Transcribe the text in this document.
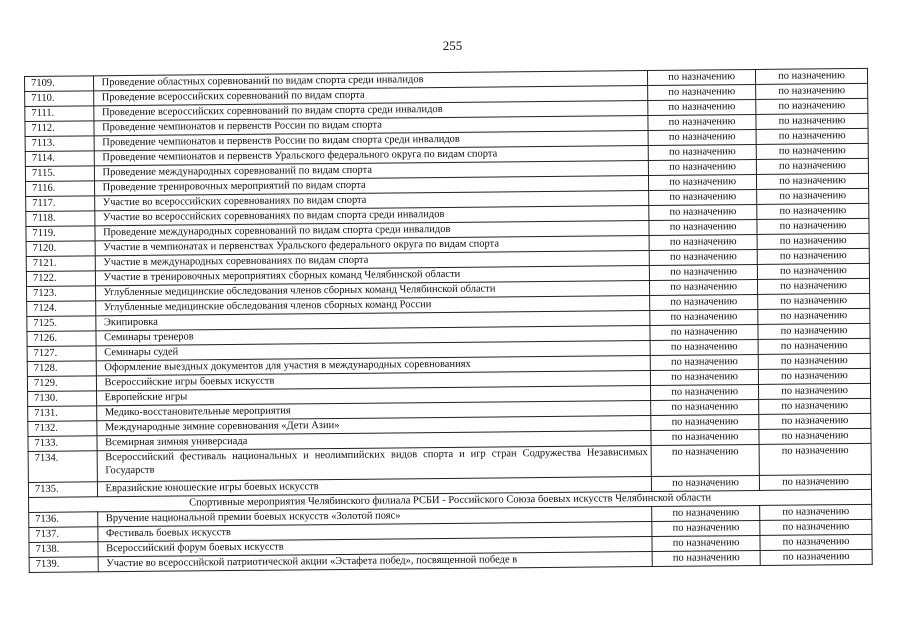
255
7109.	Проведение областных соревнований по видам спорта среди инвалидов	по назначению	по назначению
7110.	Проведение всероссийских соревнований по видам спорта	по назначению	по назначению
7111.	Проведение всероссийских соревнований по видам спорта среди инвалидов	по назначению	по назначению
7112.	Проведение чемпионатов и первенств России по видам спорта	по назначению	по назначению
7113.	Проведение чемпионатов и первенств России по видам спорта среди инвалидов	по назначению	по назначению
7114.	Проведение чемпионатов и первенств Уральского федерального округа по видам спорта	по назначению	по назначению
7115.	Проведение международных соревнований по видам спорта	по назначению	по назначению
7116.	Проведение тренировочных мероприятий по видам спорта	по назначению	по назначению
7117.	Участие во всероссийских соревнованиях по видам спорта	по назначению	по назначению
7118.	Участие во всероссийских соревнованиях по видам спорта среди инвалидов	по назначению	по назначению
7119.	Проведение международных соревнований по видам спорта среди инвалидов	по назначению	по назначению
7120.	Участие в чемпионатах и первенствах Уральского федерального округа по видам спорта	по назначению	по назначению
7121.	Участие в международных соревнованиях по видам спорта	по назначению	по назначению
7122.	Участие в тренировочных мероприятиях сборных команд Челябинской области	по назначению	по назначению
7123.	Углубленные медицинские обследования членов сборных команд Челябинской области	по назначению	по назначению
7124.	Углубленные медицинские обследования членов сборных команд России	по назначению	по назначению
7125.	Экипировка	по назначению	по назначению
7126.	Семинары тренеров	по назначению	по назначению
7127.	Семинары судей	по назначению	по назначению
7128.	Оформление выездных документов для участия в международных соревнованиях	по назначению	по назначению
7129.	Всероссийские игры боевых искусств	по назначению	по назначению
7130.	Европейские игры	по назначению	по назначению
7131.	Медико-восстановительные мероприятия	по назначению	по назначению
7132.	Международные зимние соревнования «Дети Азии»	по назначению	по назначению
7133.	Всемирная зимняя универсиада	по назначению	по назначению
7134.	Всероссийский фестиваль национальных и неолимпийских видов спорта и игр стран Содружества Независимых Государств	по назначению	по назначению
7135.	Евразийские юношеские игры боевых искусств	по назначению	по назначению
Спортивные мероприятия Челябинского филиала РСБИ - Российского Союза боевых искусств Челябинской области			
7136.	Вручение национальной премии боевых искусств «Золотой пояс»	по назначению	по назначению
7137.	Фестиваль боевых искусств	по назначению	по назначению
7138.	Всероссийский форум боевых искусств	по назначению	по назначению
7139.	Участие во всероссийской патриотической акции «Эстафета побед», посвященной победе в	по назначению	по назначению
